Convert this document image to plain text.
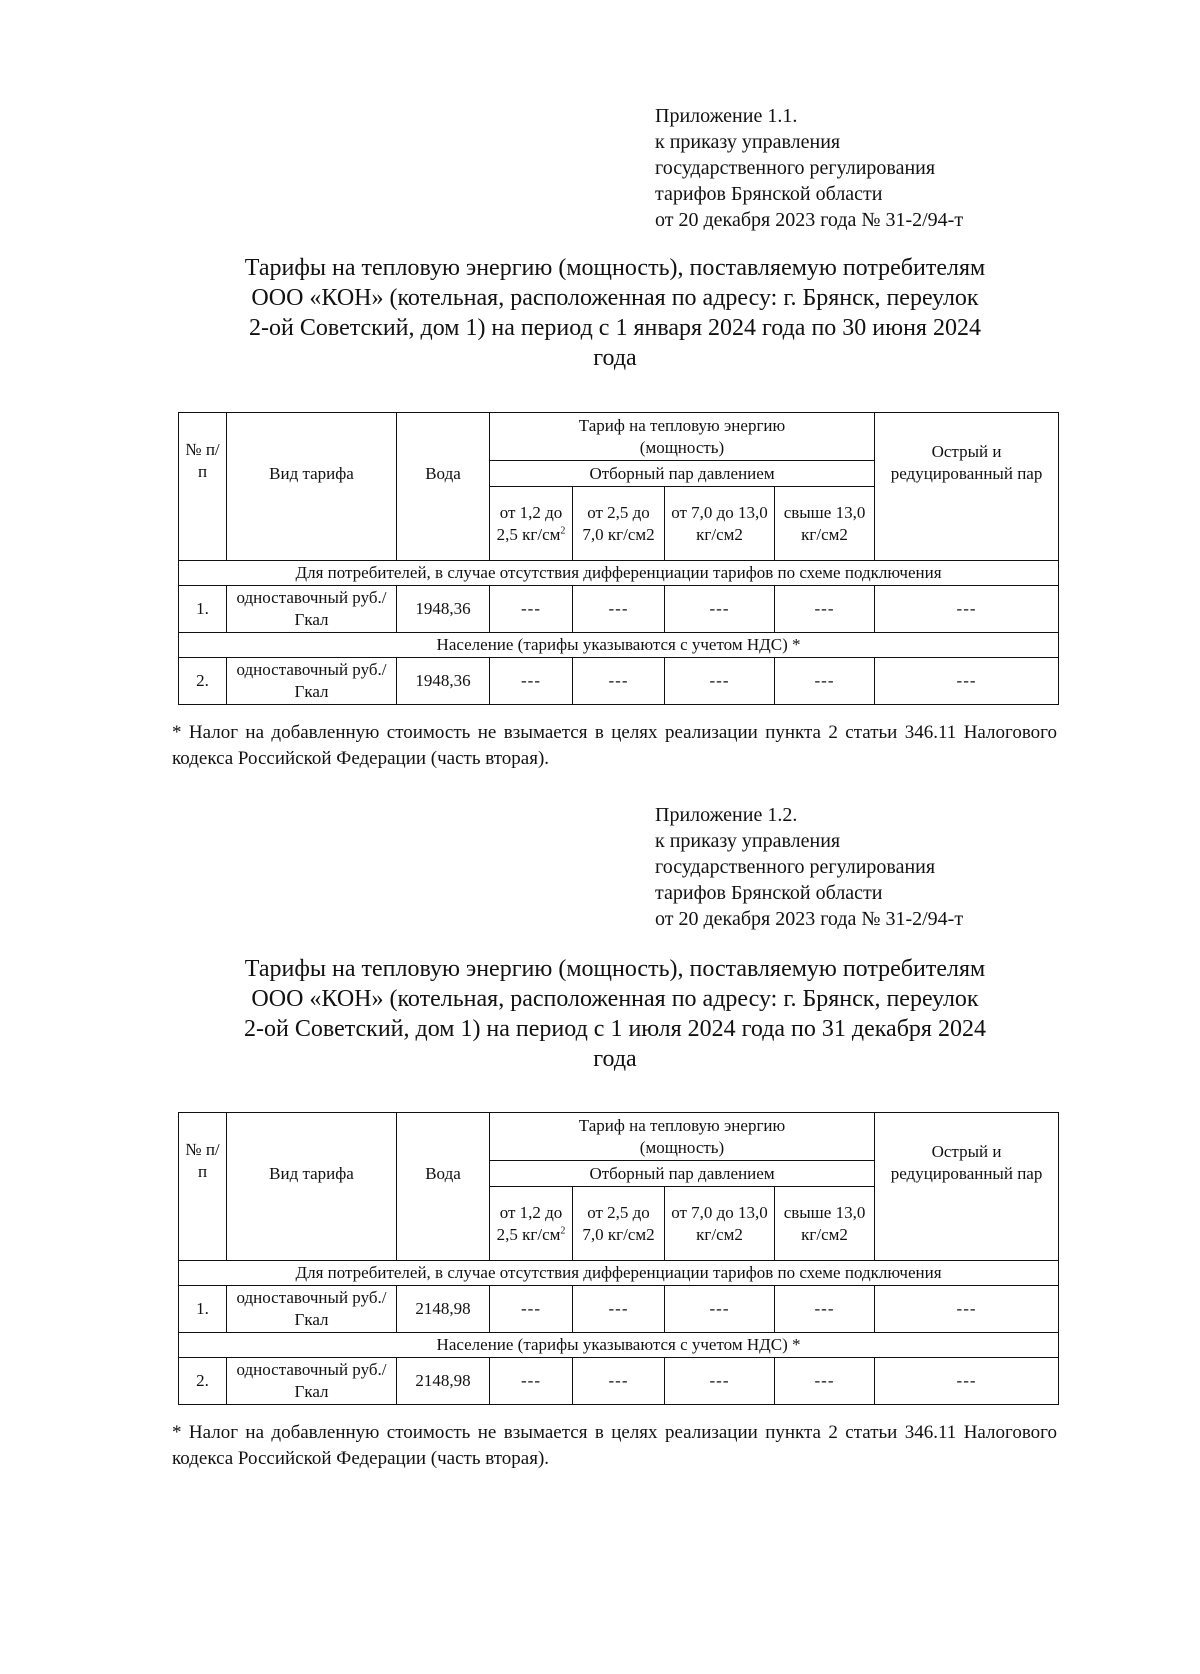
Приложение 1.1.
к приказу управления
государственного регулирования
тарифов Брянской области
от 20 декабря 2023 года № 31-2/94-т
Тарифы на тепловую энергию (мощность), поставляемую потребителям
ООО «КОН» (котельная, расположенная по адресу: г. Брянск, переулок
2-ой Советский, дом 1) на период с 1 января 2024 года по 30 июня 2024
года
№ п/ п	Вид тарифа	Вода	Тариф на тепловую энергию (мощность)				Острый и редуцированный пар
			Отборный пар давлением				
			от 1,2 до 2,5 $кг/см^2$	от 2,5 до 7,0 кг/см2	от 7,0 до 13,0 кг/см2	свыше 13,0 кг/см2	
Для потребителей, в случае отсутствия дифференциации тарифов по схеме подключения							
1.	одноставочный руб./Гкал	1948,36	---	---	---	---	---
Население (тарифы указываются с учетом НДС) *							
2.	одноставочный руб./Гкал	1948,36	---	---	---	---	---
* Налог на добавленную стоимость не взымается в целях реализации пункта 2 статьи 346.11 Налогового кодекса Российской Федерации (часть вторая).
Приложение 1.2.
к приказу управления
государственного регулирования
тарифов Брянской области
от 20 декабря 2023 года № 31-2/94-т
Тарифы на тепловую энергию (мощность), поставляемую потребителям
ООО «КОН» (котельная, расположенная по адресу: г. Брянск, переулок
2-ой Советский, дом 1) на период с 1 июля 2024 года по 31 декабря 2024
года
№ п/ п	Вид тарифа	Вода	Тариф на тепловую энергию (мощность)				Острый и редуцированный пар
			Отборный пар давлением				
			от 1,2 до 2,5 $кг/см^2$	от 2,5 до 7,0 кг/см2	от 7,0 до 13,0 кг/см2	свыше 13,0 кг/см2	
Для потребителей, в случае отсутствия дифференциации тарифов по схеме подключения							
1.	одноставочный руб./Гкал	2148,98	---	---	---	---	---
Население (тарифы указываются с учетом НДС) *							
2.	одноставочный руб./Гкал	2148,98	---	---	---	---	---
* Налог на добавленную стоимость не взымается в целях реализации пункта 2 статьи 346.11 Налогового кодекса Российской Федерации (часть вторая).
